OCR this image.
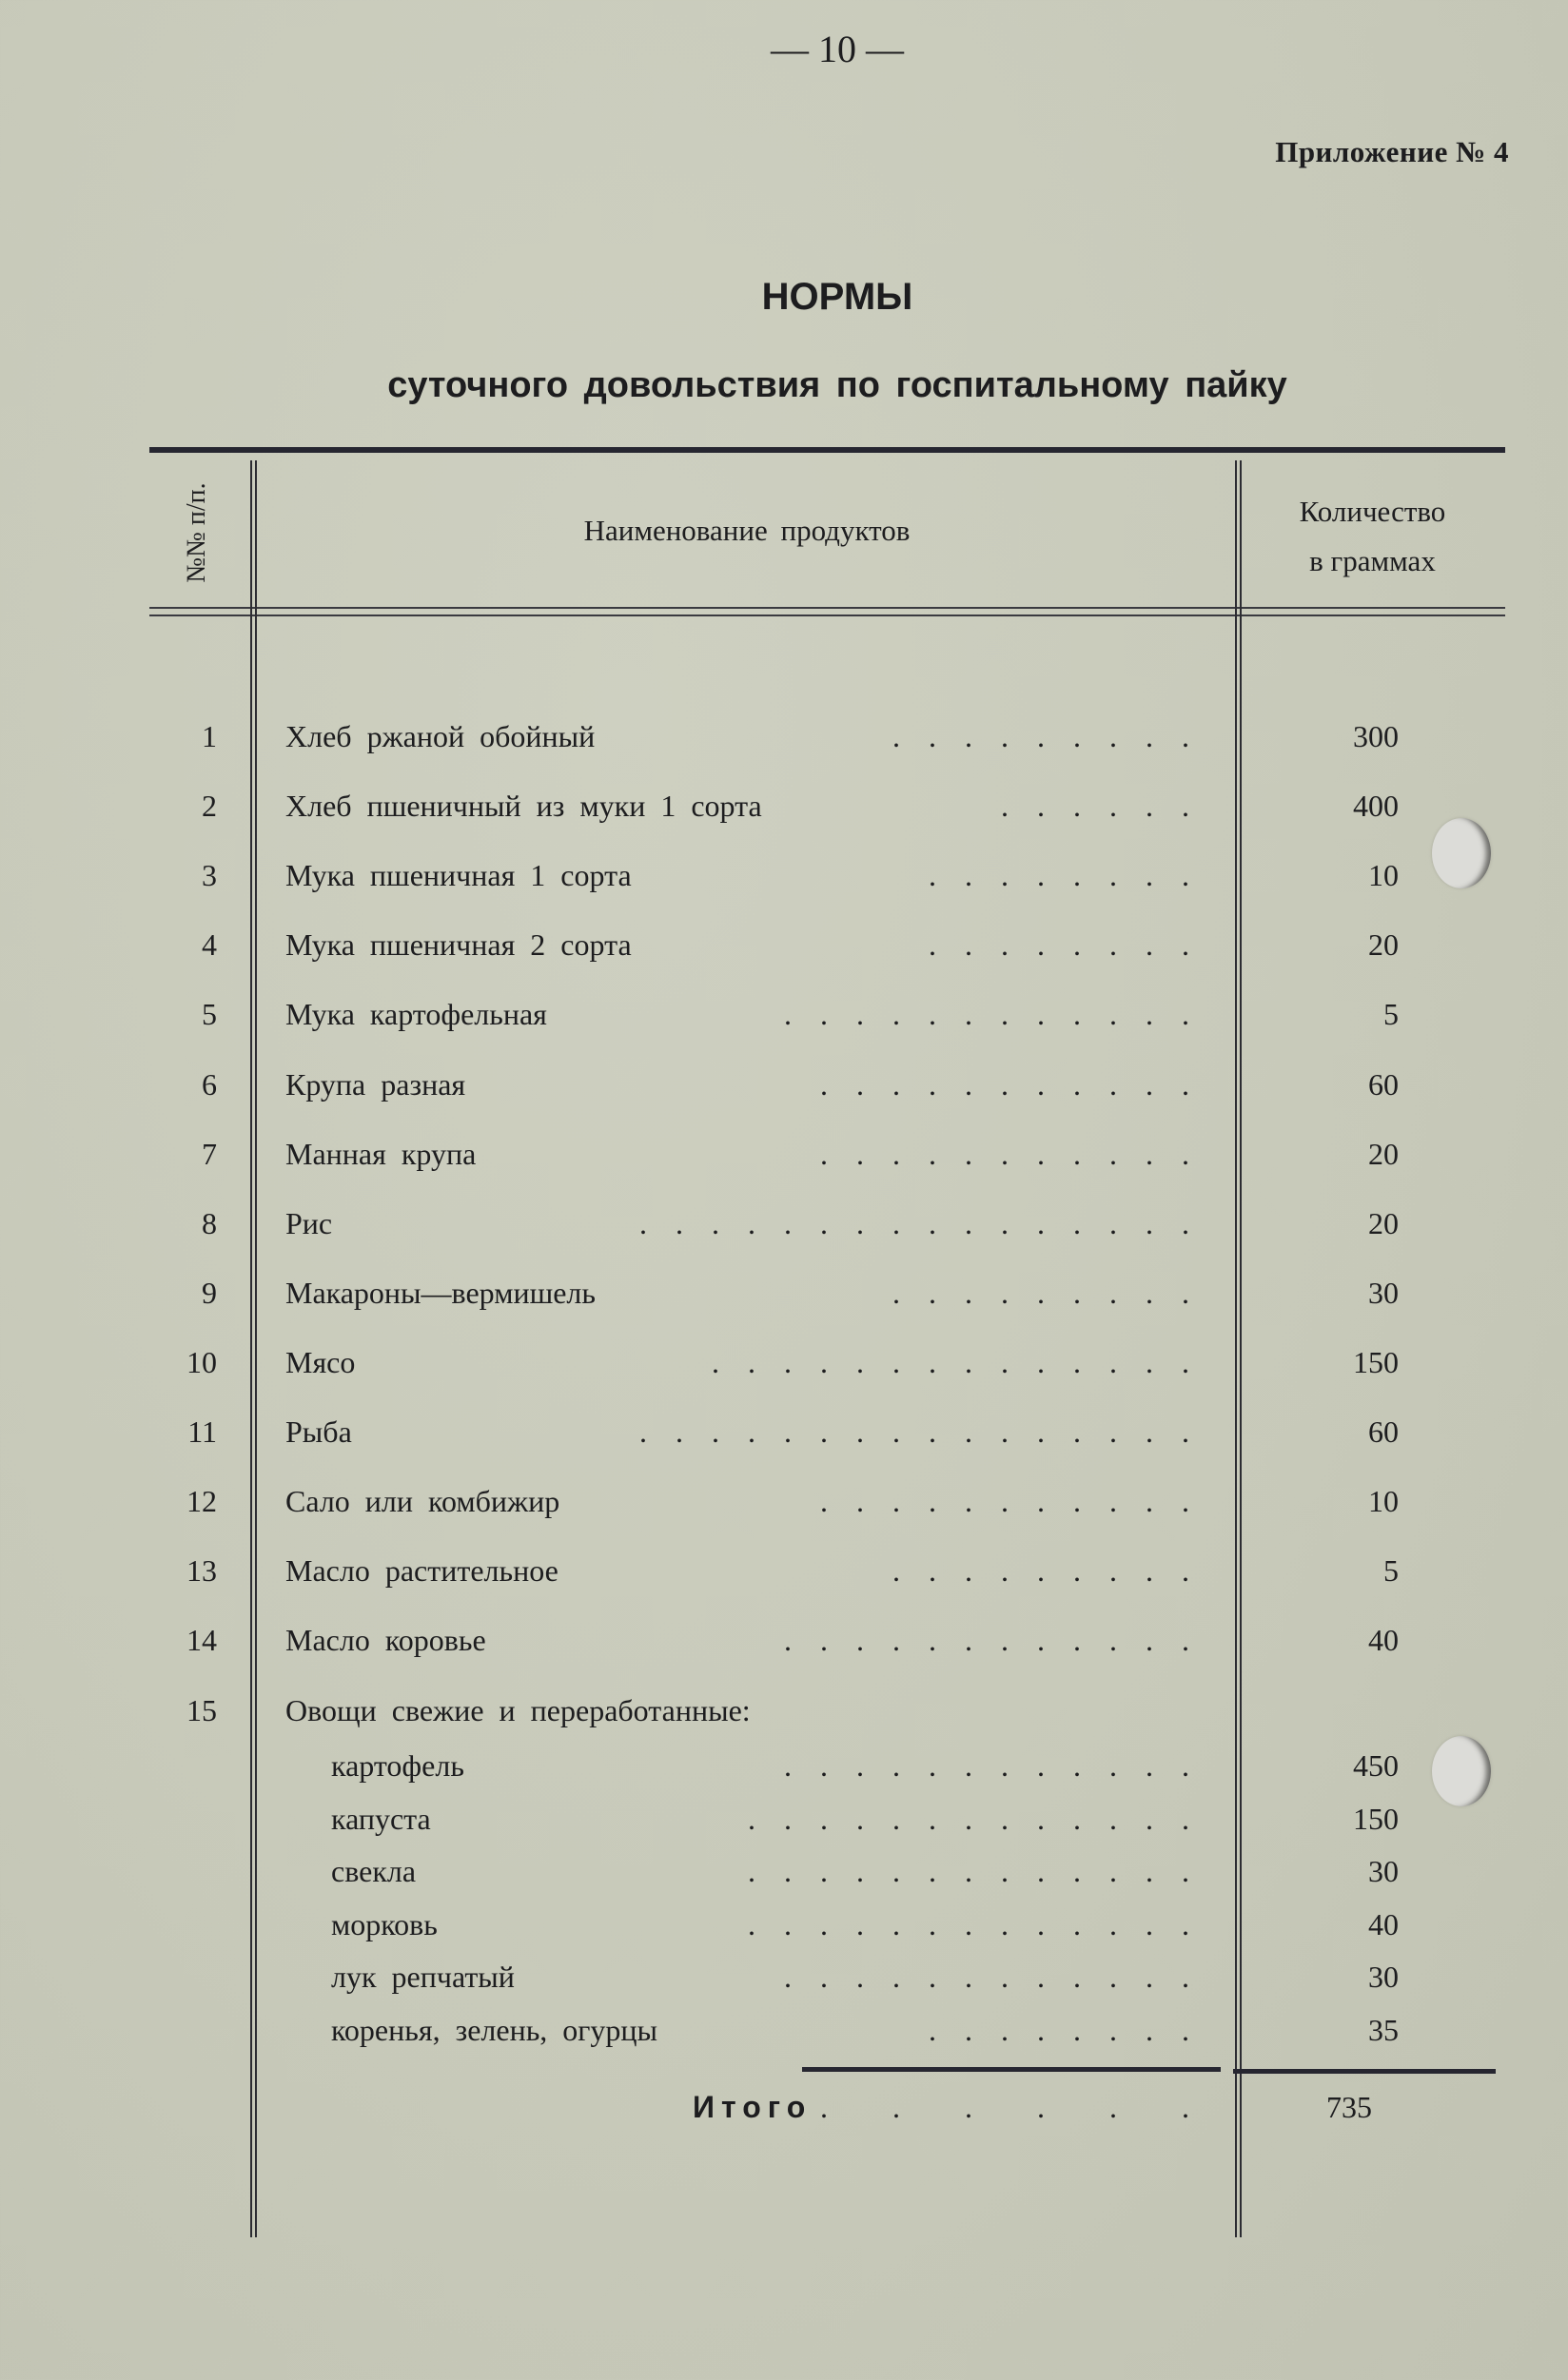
— 10 —
Приложение № 4
НОРМЫ
суточного довольствия по госпитальному пайку
№№ п/п.	Наименование продуктов
Количество
в граммах
1 Хлеб ржаной обойный	.........	300
2 Хлеб пшеничный из муки 1 сорта	......	400
3 Мука пшеничная 1 сорта	........	10
4 Мука пшеничная 2 сорта	........	20
5 Мука картофельная	............	5
6 Крупа разная	...........	60
7 Манная крупа	...........	20
8 Рис	................	20
9 Макароны—вермишель	.........	30
10 Мясо	..............	150
11 Рыба	................	60
12 Сало или комбижир	...........	10
13 Масло растительное	.........	5
14 Масло коровье	............	40
15 Овощи свежие и переработанные:
картофель	............	450
капуста	.............	150
свекла	.............	30
морковь	.............	40
лук репчатый	............	30
коренья, зелень, огурцы	........	35
Итого . . . . . .	735
